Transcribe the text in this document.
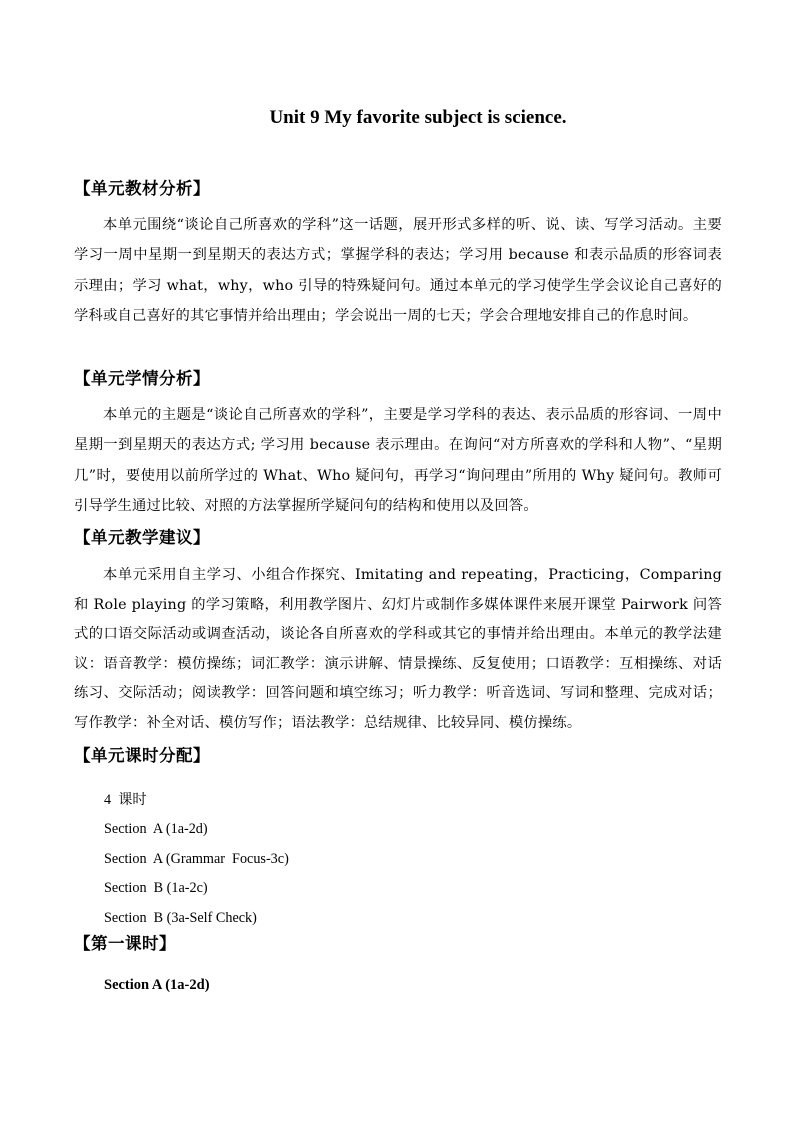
Unit 9 My favorite subject is science.
【单元教材分析】

本单元围绕“谈论自己所喜欢的学科”这一话题，展开形式多样的听、说、读、写学习活动。主要学习一周中星期一到星期天的表达方式；掌握学科的表达；学习用 because 和表示品质的形容词表示理由；学习 what，why，who 引导的特殊疑问句。通过本单元的学习使学生学会议论自己喜好的学科或自己喜好的其它事情并给出理由；学会说出一周的七天；学会合理地安排自己的作息时间。

【单元学情分析】

本单元的主题是“谈论自己所喜欢的学科”，主要是学习学科的表达、表示品质的形容词、一周中星期一到星期天的表达方式; 学习用 because 表示理由。在询问“对方所喜欢的学科和人物”、“星期几”时，要使用以前所学过的 What、Who 疑问句，再学习“询问理由”所用的 Why 疑问句。教师可引导学生通过比较、对照的方法掌握所学疑问句的结构和使用以及回答。

【单元教学建议】

本单元采用自主学习、小组合作探究、Imitating and repeating，Practicing，Comparing 和 Role playing 的学习策略，利用教学图片、幻灯片或制作多媒体课件来展开课堂 Pairwork 问答式的口语交际活动或调查活动，谈论各自所喜欢的学科或其它的事情并给出理由。本单元的教学法建议：语音教学：模仿操练；词汇教学：演示讲解、情景操练、反复使用；口语教学：互相操练、对话练习、交际活动；阅读教学：回答问题和填空练习；听力教学：听音选词、写词和整理、完成对话；写作教学：补全对话、模仿写作；语法教学：总结规律、比较异同、模仿操练。

【单元课时分配】
4  课时
Section  A (1a-2d)
Section  A (Grammar  Focus-3c)
Section  B (1a-2c)
Section  B (3a-Self Check)
【第一课时】
Section A (1a-2d)
